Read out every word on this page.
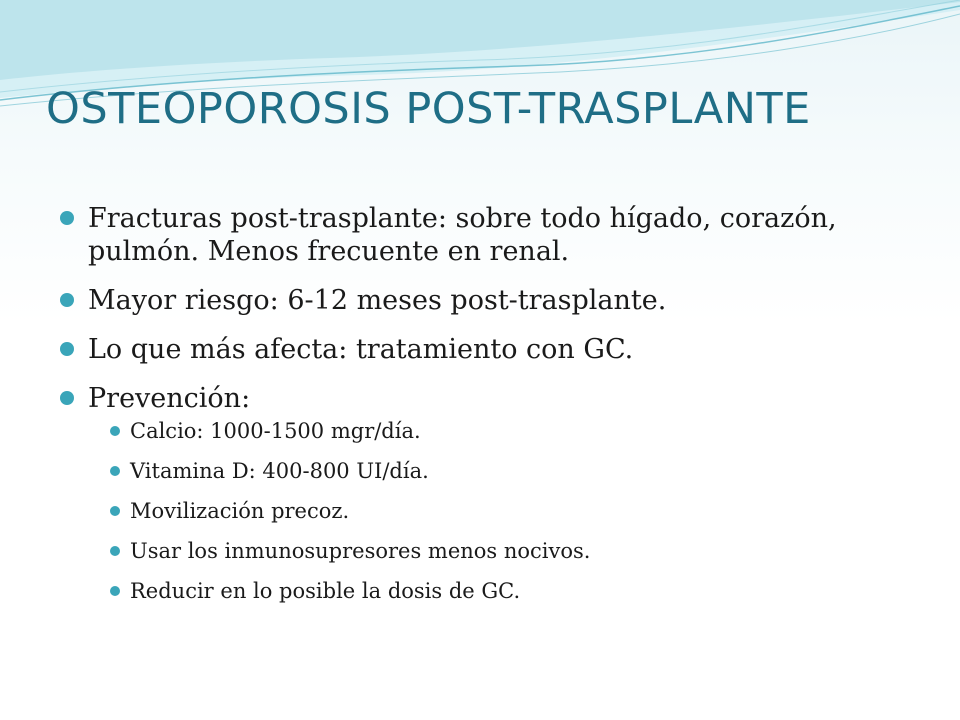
OSTEOPOROSIS POST-TRASPLANTE
Fracturas post-trasplante: sobre todo hígado, corazón, pulmón. Menos frecuente en renal.
Mayor riesgo: 6-12 meses post-trasplante.
Lo que más afecta: tratamiento con GC.
Prevención:
Calcio: 1000-1500 mgr/día.
Vitamina D: 400-800 UI/día.
Movilización precoz.
Usar los inmunosupresores menos nocivos.
Reducir en lo posible la dosis de GC.
